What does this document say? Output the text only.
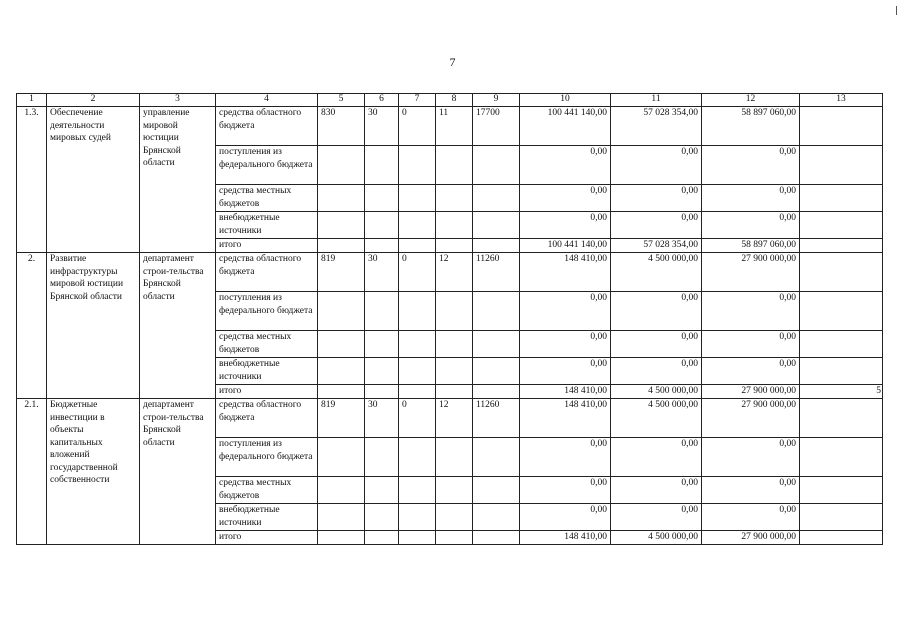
7
1	2	3	4	5	6	7	8	9	10	11	12	13
1.3.	Обеспечение деятельности мировых судей	управление мировой юстиции Брянской области	средства областного бюджета	830	30	0	11	17700	100 441 140,00	57 028 354,00	58 897 060,00	
			поступления из федерального бюджета						0,00	0,00	0,00	
			средства местных бюджетов						0,00	0,00	0,00	
			внебюджетные источники						0,00	0,00	0,00	
			итого						100 441 140,00	57 028 354,00	58 897 060,00	
2.	Развитие инфраструктуры мировой юстиции Брянской области	департамент строи-тельства Брянской области	средства областного бюджета	819	30	0	12	11260	148 410,00	4 500 000,00	27 900 000,00	
			поступления из федерального бюджета						0,00	0,00	0,00	
			средства местных бюджетов						0,00	0,00	0,00	
			внебюджетные источники						0,00	0,00	0,00	
			итого						148 410,00	4 500 000,00	27 900 000,00	5
2.1.	Бюджетные инвестиции в объекты капитальных вложений государственной собственности	департамент строи-тельства Брянской области	средства областного бюджета	819	30	0	12	11260	148 410,00	4 500 000,00	27 900 000,00	
			поступления из федерального бюджета						0,00	0,00	0,00	
			средства местных бюджетов						0,00	0,00	0,00	
			внебюджетные источники						0,00	0,00	0,00	
			итого						148 410,00	4 500 000,00	27 900 000,00	
